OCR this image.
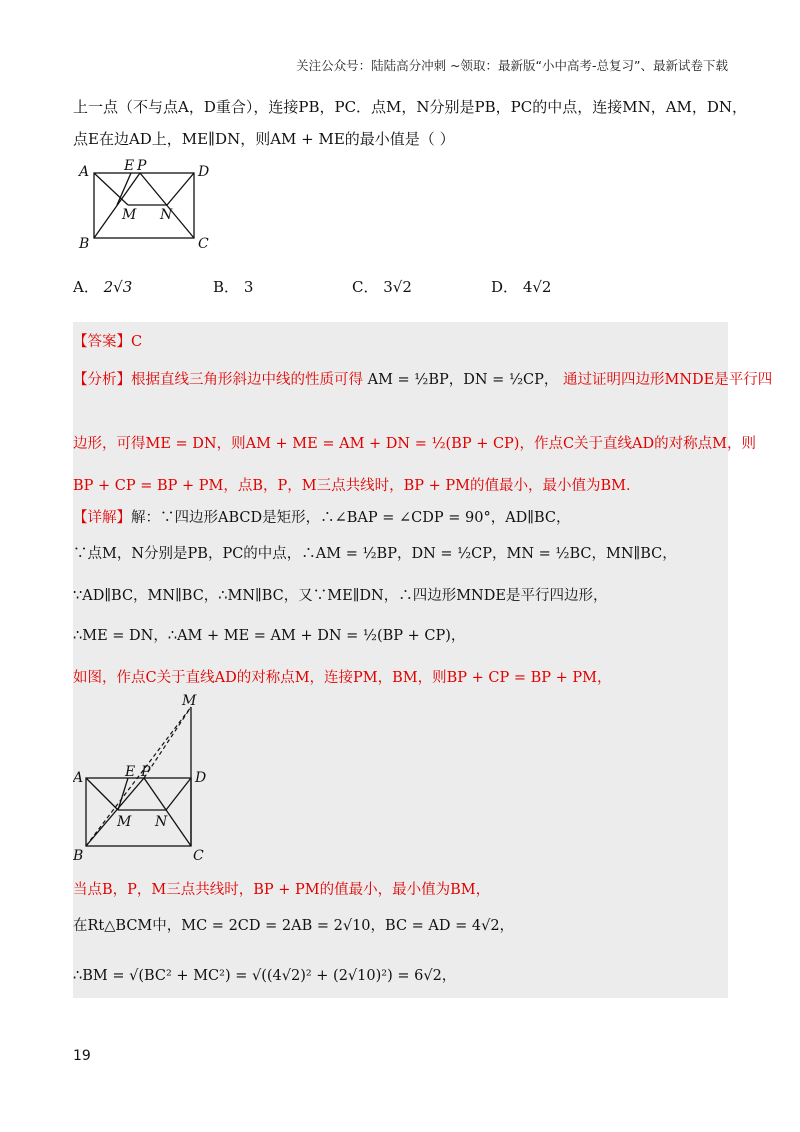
关注公众号：陆陆高分冲刺 ~领取：最新版“小中高考-总复习”、最新试卷下载
上一点（不与点A，D重合），连接PB，PC．点M，N分别是PB，PC的中点，连接MN，AM，DN，
点E在边AD上，ME∥DN，则AM + ME的最小值是（ ）
A E P	D
M N
B	C
A． 2√3	B． 3	C． 3√2	D． 4√2
【答案】C
【分析】根据直线三角形斜边中线的性质可得 AM = ½BP，DN = ½CP， 通过证明四边形MNDE是平行四
边形，可得ME = DN，则AM + ME = AM + DN = ½(BP + CP)，作点C关于直线AD的对称点M，则
BP + CP = BP + PM，点B，P，M三点共线时，BP + PM的值最小，最小值为BM．
【详解】解：∵四边形ABCD是矩形，∴∠BAP = ∠CDP = 90°，AD∥BC，
∵点M，N分别是PB，PC的中点，∴AM = ½BP，DN = ½CP，MN = ½BC，MN∥BC，
∵AD∥BC，MN∥BC，∴MN∥BC，又∵ME∥DN，∴四边形MNDE是平行四边形，
∴ME = DN，∴AM + ME = AM + DN = ½(BP + CP)，
如图，作点C关于直线AD的对称点M，连接PM，BM，则BP + CP = BP + PM，
M
A	E P	D
M N
B	C
当点B，P，M三点共线时，BP + PM的值最小，最小值为BM，
在Rt△BCM中，MC = 2CD = 2AB = 2√10，BC = AD = 4√2，
∴BM = √(BC² + MC²) = √((4√2)² + (2√10)²) = 6√2，
19
